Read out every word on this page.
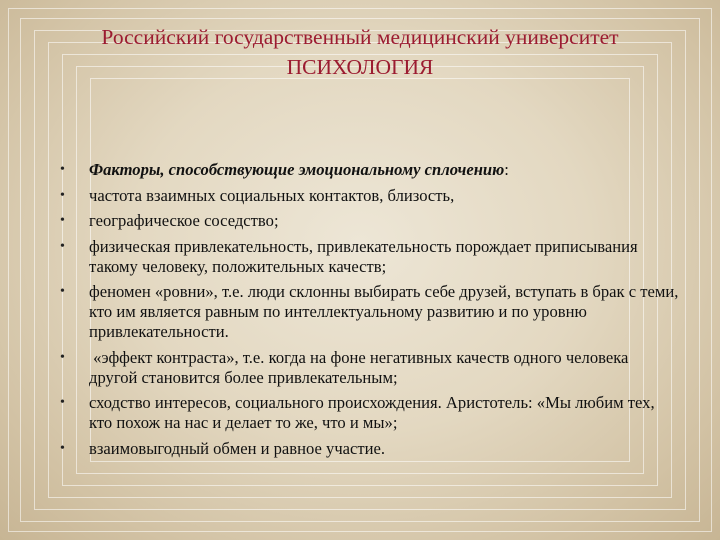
Российский государственный медицинский университет
ПСИХОЛОГИЯ
• Факторы, способствующие эмоциональному сплочению:
• частота взаимных социальных контактов, близость,
• географическое соседство;
• физическая привлекательность, привлекательность порождает приписывания такому человеку, положительных качеств;
• феномен «ровни», т.е. люди склонны выбирать себе друзей, вступать в брак с теми, кто им является равным по интеллектуальному развитию и по уровню привлекательности.
• «эффект контраста», т.е. когда на фоне негативных качеств одного человека другой становится более привлекательным;
• сходство интересов, социального происхождения. Аристотель: «Мы любим тех, кто похож на нас и делает то же, что и мы»;
• взаимовыгодный обмен и равное участие.
